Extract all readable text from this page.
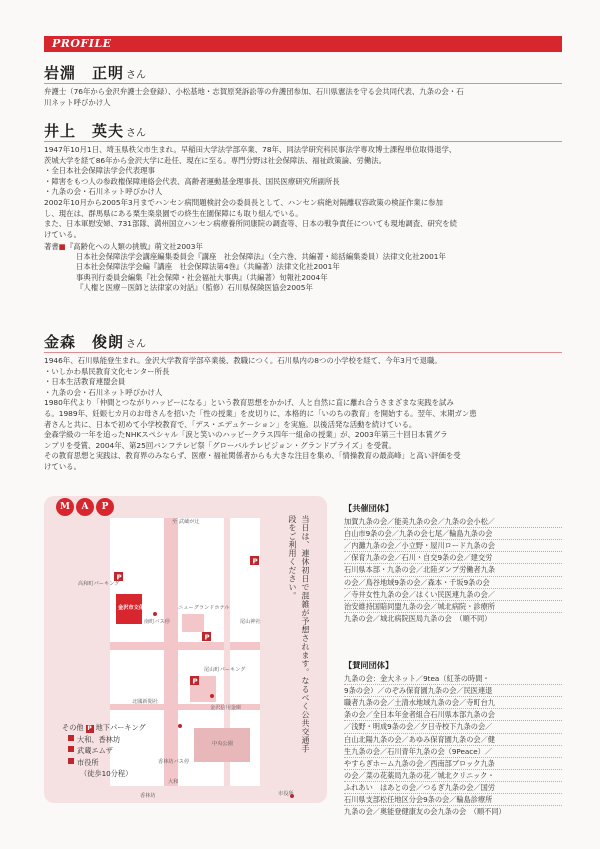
PROFILE
岩淵　正明 さん

弁護士（76年から金沢弁護士会登録）、小松基地・志賀原発訴訟等の弁護団参加、石川県憲法を守る会共同代表、九条の会・石

川ネット呼びかけ人

井上　英夫 さん

1947年10月1日、埼玉県秩父市生まれ。早稲田大学法学部卒業、78年、同法学研究科民事法学専攻博士課程単位取得退学、

茨城大学を経て86年から金沢大学に赴任、現在に至る。専門分野は社会保障法、福祉政策論、労働法。

・全日本社会保障法学会代表理事

・障害をもつ人の参政権保障連絡会代表、高齢者運動基金理事長、国民医療研究所副所長

・九条の会・石川ネット呼びかけ人

2002年10月から2005年3月までハンセン病問題検討会の委員長として、ハンセン病絶対隔離収容政策の検証作業に参加

し、現在は、群馬県にある栗生楽泉園での終生在園保障にも取り組んでいる。

また、日本軍慰安婦、731部隊、満州国立ハンセン病療養所同康院の調査等、日本の戦争責任についても現地調査、研究を続

けている。

著書■『高齢化への人類の挑戦』萌文社2003年

日本社会保障法学会講座編集委員会『講座　社会保障法』（全六巻、共編著・総括編集委員）法律文化社2001年

日本社会保障法学会編『講座　社会保障法第4巻』（共編著）法律文化社2001年

事典刊行委員会編集『社会保障・社会福祉大事典』（共編著）旬報社2004年

『人権と医療－医師と法律家の対話』（監修）石川県保険医協会2005年

金森　俊朗 さん

1946年、石川県能登生まれ。金沢大学教育学部卒業後、教職につく。石川県内の8つの小学校を経て、今年3月で退職。

・いしかわ県民教育文化センター所長

・日本生活教育連盟会員

・九条の会・石川ネット呼びかけ人

1980年代より「仲間とつながりハッピーになる」という教育思想をかかげ、人と自然に直に離れ合うさまざまな実践を試み

る。1989年、妊娠七カ月のお母さんを招いた「性の授業」を皮切りに、本格的に「いのちの教育」を開始する。翌年、末期ガン患

者さんと共に、日本で初めて小学校教育で、「デス・エデュケーション」を実施。以後活発な活動を続けている。

金森学級の一年を追ったNHKスペシャル「涙と笑いのハッピークラス四年一組命の授業」が、2003年第三十回日本賞グラ

ンプリを受賞、2004年、第25回バンフテレビ祭「グローバルテレビジョン・グランドプライズ」を受賞。

その教育思想と実践は、教育界のみならず、医療・福祉関係者からも大きな注目を集め、「情操教育の最高峰」と高い評価を受

けている。

P
P
P
P
至 武蔵が辻
高和町パーキング
南町バス停
金沢市文化ホール	ニューグランドホテル
尾山神社
尾山町パーキング
北國新聞社
金沢信用金庫
中央公園
香林坊バス停
大和
香林坊	市役所
M	A	P
その他 P 地下パーキング
大和、香林坊
武蔵エムザ
市役所
（徒歩10分程）
当日は、連休初日で混雑が予想されます。なるべく公共交通手段をご利用ください。
【共催団体】

加賀九条の会／能美九条の会／九条の会小松／

白山市9条の会／九条の会七尾／輪島九条の会

／内灘九条の会／小立野・屋川ロード九条の会

／保育九条の会／石川・自交9条の会／建交労

石川県本部・九条の会／北陸ダンプ労働者九条

の会／鳥谷地域9条の会／森本・千坂9条の会

／寺井女性九条の会／はくい民医連九条の会／

治安維持国賠同盟九条の会／城北病院・診療所

九条の会／城北病院医局九条の会　（順不同）

【賛同団体】

九条の会：金大ネット／9tea（紅茶の時間・

9条の会）／のぞみ保育園九条の会／民医連退

職者九条の会／土清水地域九条の会／寺町台九

条の会／全日本年金者組合石川県本部九条の会

／浅野・明成9条の会／夕日寺校下九条の会／

白山北陽九条の会／あゆみ保育園九条の会／健

生九条の会／石川青年九条の会（9Peace）／

やすらぎホーム九条の会／西南部ブロック九条

の会／菜の花薬局九条の花／城北クリニック・

ふれあい　はあとの会／つるぎ九条の会／国労

石川県支部松任地区分会9条の会／輪島診療所

九条の会／奥能登健康友の会九条の会　（順不同）
